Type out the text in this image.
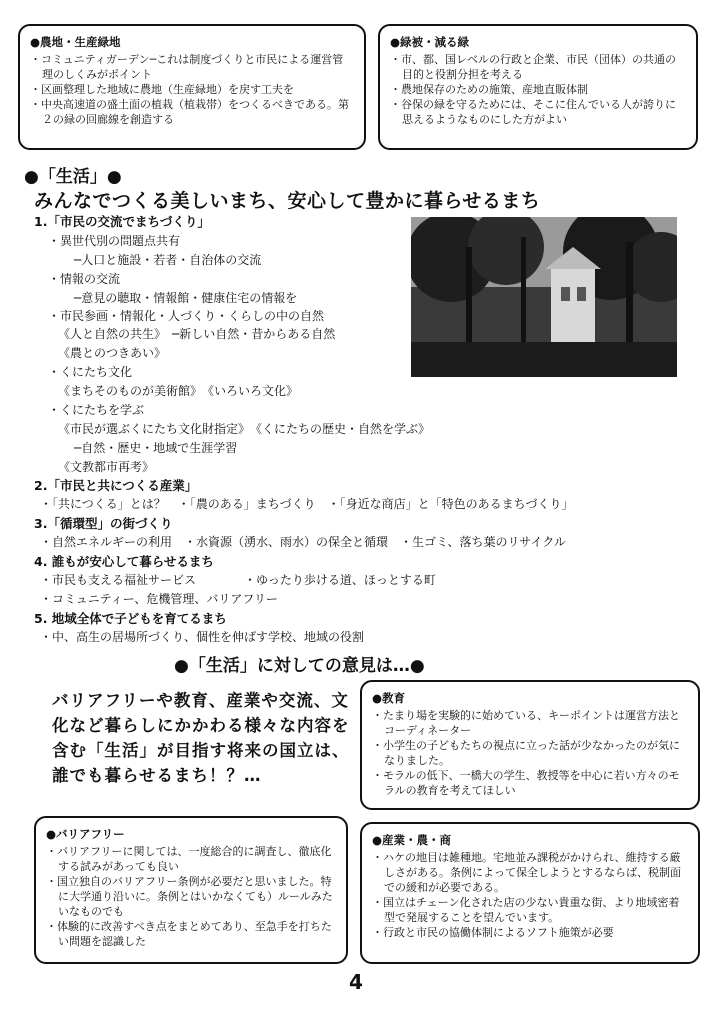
●農地・生産緑地
・ コミュニティガーデン─これは制度づくりと市民による運営管理のしくみがポイント
・ 区画整理した地域に農地（生産緑地）を戻す工夫を
・ 中央高速道の盛土面の植栽（植栽帯）をつくるべきである。第２の緑の回廊線を創造する
●緑被・減る緑
・ 市、都、国レベルの行政と企業、市民（団体）の共通の目的と役割分担を考える
・ 農地保存のための施策、産地直販体制
・ 谷保の緑を守るためには、そこに住んでいる人が誇りに思えるようなものにした方がよい
●「生活」●
みんなでつくる美しいまち、安心して豊かに暮らせるまち
1.「市民の交流でまちづくり」
・異世代別の問題点共有
─人口と施設・若者・自治体の交流
・情報の交流
─意見の聴取・情報館・健康住宅の情報を
・市民参画・情報化・人づくり・くらしの中の自然
《人と自然の共生》　─新しい自然・昔からある自然
《農とのつきあい》
・くにたち文化
《まちそのものが美術館》　《いろいろ文化》
・くにたちを学ぶ
《市民が選ぶくにたち文化財指定》　《くにたちの歴史・自然を学ぶ》
─自然・歴史・地域で生涯学習
《文教都市再考》
2.「市民と共につくる産業」
・「共につくる」とは？　・「農のある」まちづくり　・「身近な商店」と「特色のあるまちづくり」
3.「循環型」の街づくり
・自然エネルギーの利用　・水資源（湧水、雨水）の保全と循環　・生ゴミ、落ち葉のリサイクル
4. 誰もが安心して暮らせるまち
・市民も支える福祉サービス　　　　・ゆったり歩ける道、ほっとする町
・コミュニティー、危機管理、バリアフリー
5. 地域全体で子どもを育てるまち
・中、高生の居場所づくり、個性を伸ばす学校、地域の役割
●「生活」に対しての意見は…●
バリアフリーや教育、産業や交流、文化など暮らしにかかわる様々な内容を含む「生活」が目指す将来の国立は、誰でも暮らせるまち！？…
●教育
・ たまり場を実験的に始めている、キーポイントは運営方法とコーディネーター
・ 小学生の子どもたちの視点に立った話が少なかったのが気になりました。
・ モラルの低下、一橋大の学生、教授等を中心に若い方々のモラルの教育を考えてほしい
●バリアフリー
・ バリアフリーに関しては、一度総合的に調査し、徹底化する試みがあっても良い
・ 国立独自のバリアフリー条例が必要だと思いました。特に大学通り沿いに。条例とはいかなくても）ルールみたいなものでも
・ 体験的に改善すべき点をまとめてあり、至急手を打ちたい問題を認識した
●産業・農・商
・ ハケの地目は雑種地。宅地並み課税がかけられ、維持する厳しさがある。条例によって保全しようとするならば、税制面での緩和が必要である。
・ 国立はチェーン化された店の少ない貴重な街、より地域密着型で発展することを望んでいます。
・ 行政と市民の協働体制によるソフト施策が必要
4
